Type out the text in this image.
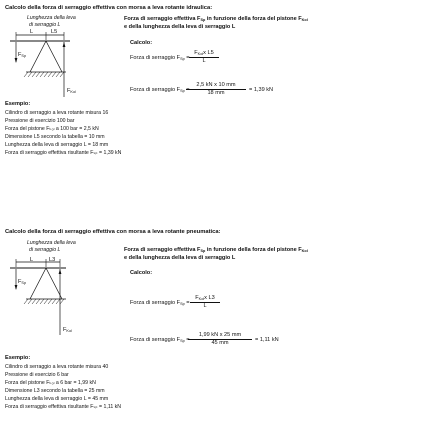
Calcolo della forza di serraggio effettiva con morsa a leva rotante idraulica:
Lunghezza della leva
di serraggio L
L	L5
$F_{Sp}$
$F_{Kol}$
Forza di serraggio effettiva $F_{Sp}$ in funzione della forza del pistone $F_{Kol}$
e della lunghezza della leva di serraggio L
Calcolo:
Forza di serraggio $F_{Sp}$ =
$F_{Kol}x$ L5
L
Forza di serraggio $F_{Sp}$ =
$\frac{\text{2,5 kN x 10 mm}}{18 mm} = 1,39$ kN
Esempio:
Cilindro di serraggio a leva rotante misura 16
Pressione di esercizio 100 bar
Forza del pistone Fₖₒₗ a 100 bar = 2,5 kN
Dimensione L5 secondo la tabella = 10 mm
Lunghezza della leva di serraggio L = 18 mm
Forza di serraggio effettiva risultante Fₛₚ = 1,39 kN
Calcolo della forza di serraggio effettiva con morsa a leva rotante pneumatica:
Lunghezza della leva
di serraggio L
L	L3
$F_{Sp}$
$F_{Kol}$
Forza di serraggio effettiva $F_{Sp}$ in funzione della forza del pistone $F_{Kol}$
e della lunghezza della leva di serraggio L
Calcolo:
Forza di serraggio $F_{Sp}$ =
$F_{Kol}x$ L3
L
Forza di serraggio $F_{Sp}$ =
$\frac{\text{1,99 kN x 25 mm}}{45 mm} = 1,11$ kN
Esempio:
Cilindro di serraggio a leva rotante misura 40
Pressione di esercizio 6 bar
Forza del pistone Fₖₒₗ a 6 bar = 1,99 kN
Dimensione L3 secondo la tabella = 25 mm
Lunghezza della leva di serraggio L = 45 mm
Forza di serraggio effettiva risultante Fₛₚ = 1,11 kN
